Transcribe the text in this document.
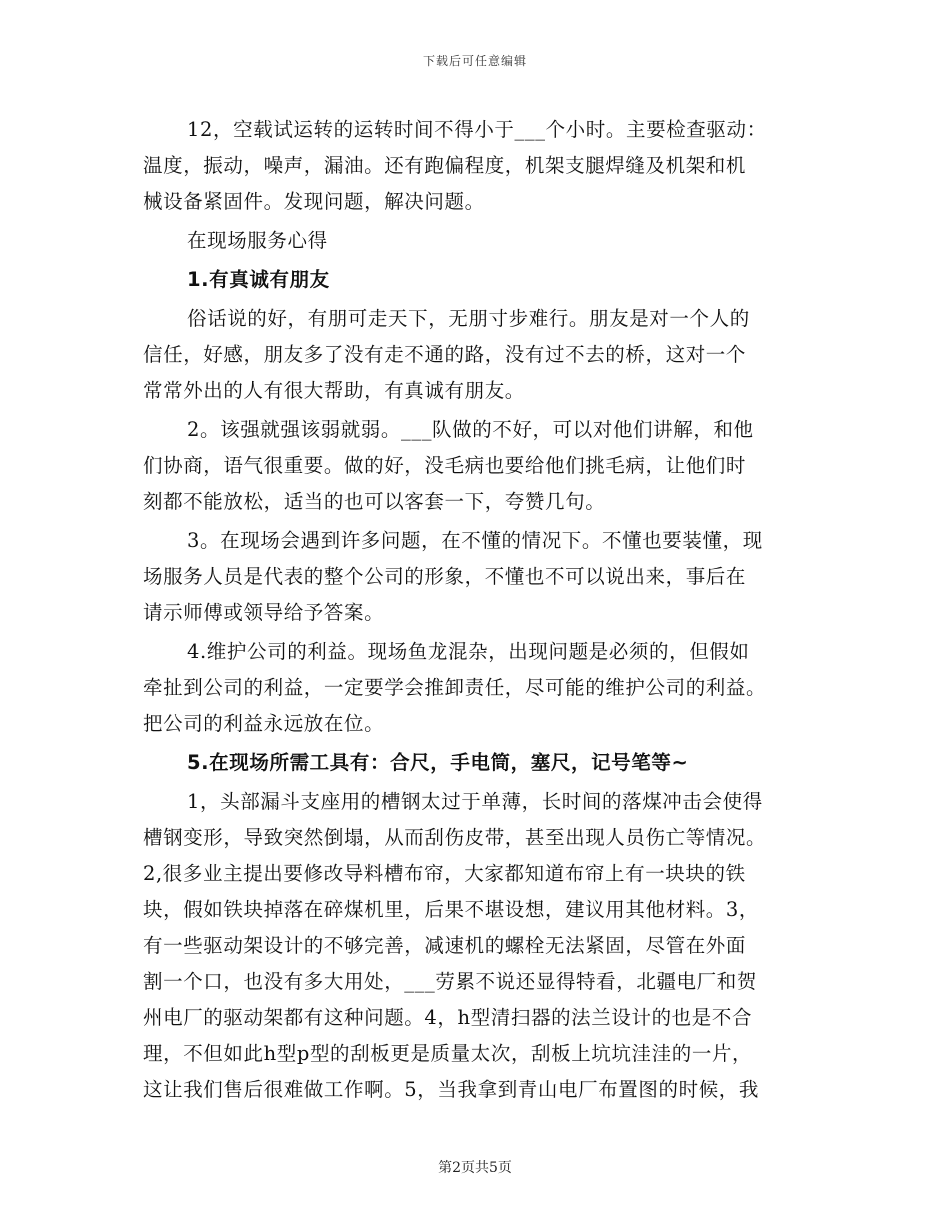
下载后可任意编辑
12，空载试运转的运转时间不得小于___个小时。主要检查驱动：
温度，振动，噪声，漏油。还有跑偏程度，机架支腿焊缝及机架和机
械设备紧固件。发现问题，解决问题。
在现场服务心得
1.有真诚有朋友
俗话说的好，有朋可走天下，无朋寸步难行。朋友是对一个人的
信任，好感，朋友多了没有走不通的路，没有过不去的桥，这对一个
常常外出的人有很大帮助，有真诚有朋友。
2。该强就强该弱就弱。___队做的不好，可以对他们讲解，和他
们协商，语气很重要。做的好，没毛病也要给他们挑毛病，让他们时
刻都不能放松，适当的也可以客套一下，夸赞几句。
3。在现场会遇到许多问题，在不懂的情况下。不懂也要装懂，现
场服务人员是代表的整个公司的形象，不懂也不可以说出来，事后在
请示师傅或领导给予答案。
4.维护公司的利益。现场鱼龙混杂，出现问题是必须的，但假如
牵扯到公司的利益，一定要学会推卸责任，尽可能的维护公司的利益。
把公司的利益永远放在位。
5.在现场所需工具有：合尺，手电筒，塞尺，记号笔等~
1，头部漏斗支座用的槽钢太过于单薄，长时间的落煤冲击会使得
槽钢变形，导致突然倒塌，从而刮伤皮带，甚至出现人员伤亡等情况。
2,很多业主提出要修改导料槽布帘，大家都知道布帘上有一块块的铁
块，假如铁块掉落在碎煤机里，后果不堪设想，建议用其他材料。3，
有一些驱动架设计的不够完善，减速机的螺栓无法紧固，尽管在外面
割一个口，也没有多大用处，___劳累不说还显得特看，北疆电厂和贺
州电厂的驱动架都有这种问题。4，h型清扫器的法兰设计的也是不合
理，不但如此h型p型的刮板更是质量太次，刮板上坑坑洼洼的一片，
这让我们售后很难做工作啊。5，当我拿到青山电厂布置图的时候，我
第2页共5页
